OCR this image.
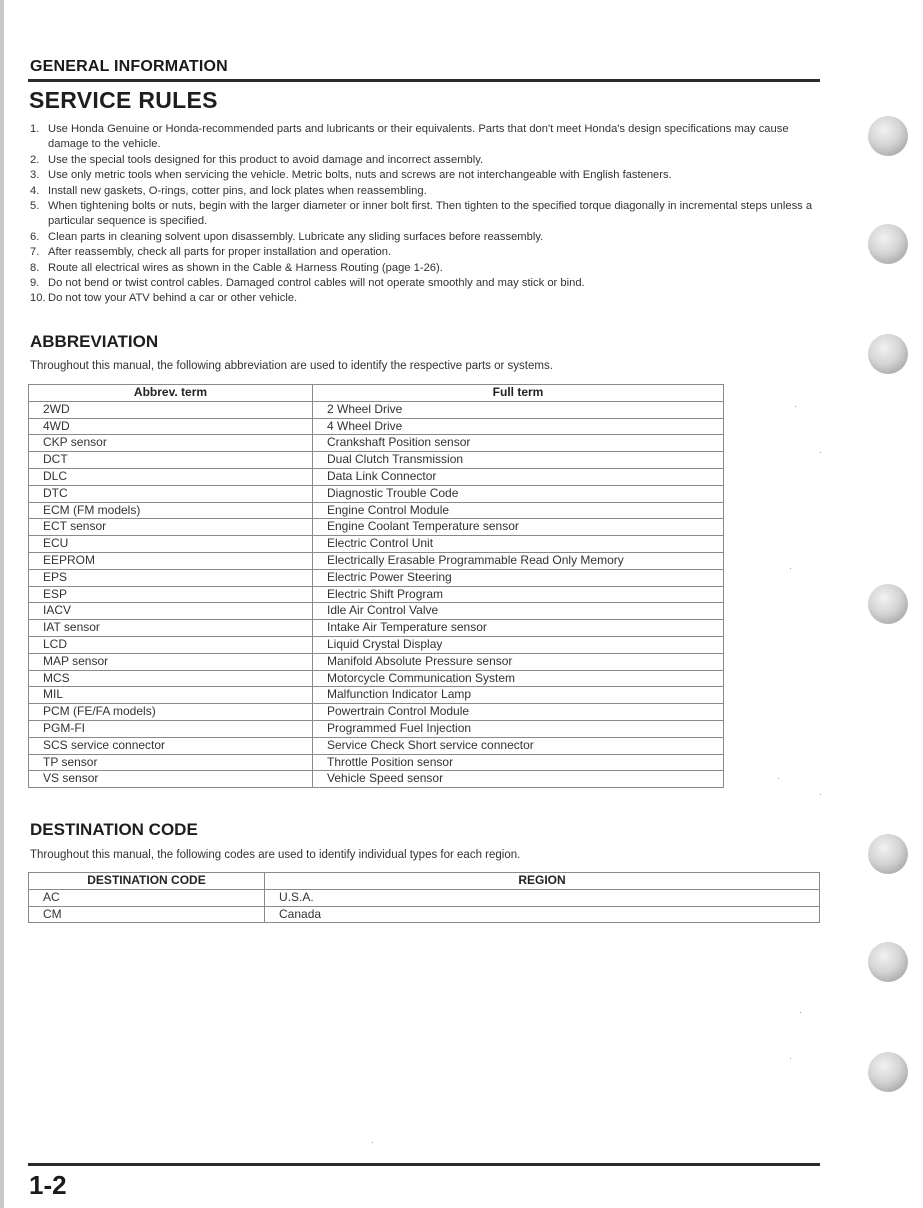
GENERAL INFORMATION
SERVICE RULES
1. Use Honda Genuine or Honda-recommended parts and lubricants or their equivalents. Parts that don't meet Honda's design specifications may cause damage to the vehicle.
2. Use the special tools designed for this product to avoid damage and incorrect assembly.
3. Use only metric tools when servicing the vehicle. Metric bolts, nuts and screws are not interchangeable with English fasteners.
4. Install new gaskets, O-rings, cotter pins, and lock plates when reassembling.
5. When tightening bolts or nuts, begin with the larger diameter or inner bolt first. Then tighten to the specified torque diagonally in incremental steps unless a particular sequence is specified.
6. Clean parts in cleaning solvent upon disassembly. Lubricate any sliding surfaces before reassembly.
7. After reassembly, check all parts for proper installation and operation.
8. Route all electrical wires as shown in the Cable & Harness Routing (page 1-26).
9. Do not bend or twist control cables. Damaged control cables will not operate smoothly and may stick or bind.
10. Do not tow your ATV behind a car or other vehicle.
ABBREVIATION
Throughout this manual, the following abbreviation are used to identify the respective parts or systems.
Abbrev. term	Full term
2WD	2 Wheel Drive
4WD	4 Wheel Drive
CKP sensor	Crankshaft Position sensor
DCT	Dual Clutch Transmission
DLC	Data Link Connector
DTC	Diagnostic Trouble Code
ECM (FM models)	Engine Control Module
ECT sensor	Engine Coolant Temperature sensor
ECU	Electric Control Unit
EEPROM	Electrically Erasable Programmable Read Only Memory
EPS	Electric Power Steering
ESP	Electric Shift Program
IACV	Idle Air Control Valve
IAT sensor	Intake Air Temperature sensor
LCD	Liquid Crystal Display
MAP sensor	Manifold Absolute Pressure sensor
MCS	Motorcycle Communication System
MIL	Malfunction Indicator Lamp
PCM (FE/FA models)	Powertrain Control Module
PGM-FI	Programmed Fuel Injection
SCS service connector	Service Check Short service connector
TP sensor	Throttle Position sensor
VS sensor	Vehicle Speed sensor
DESTINATION CODE
Throughout this manual, the following codes are used to identify individual types for each region.
DESTINATION CODE	REGION
AC	U.S.A.
CM	Canada
1-2
